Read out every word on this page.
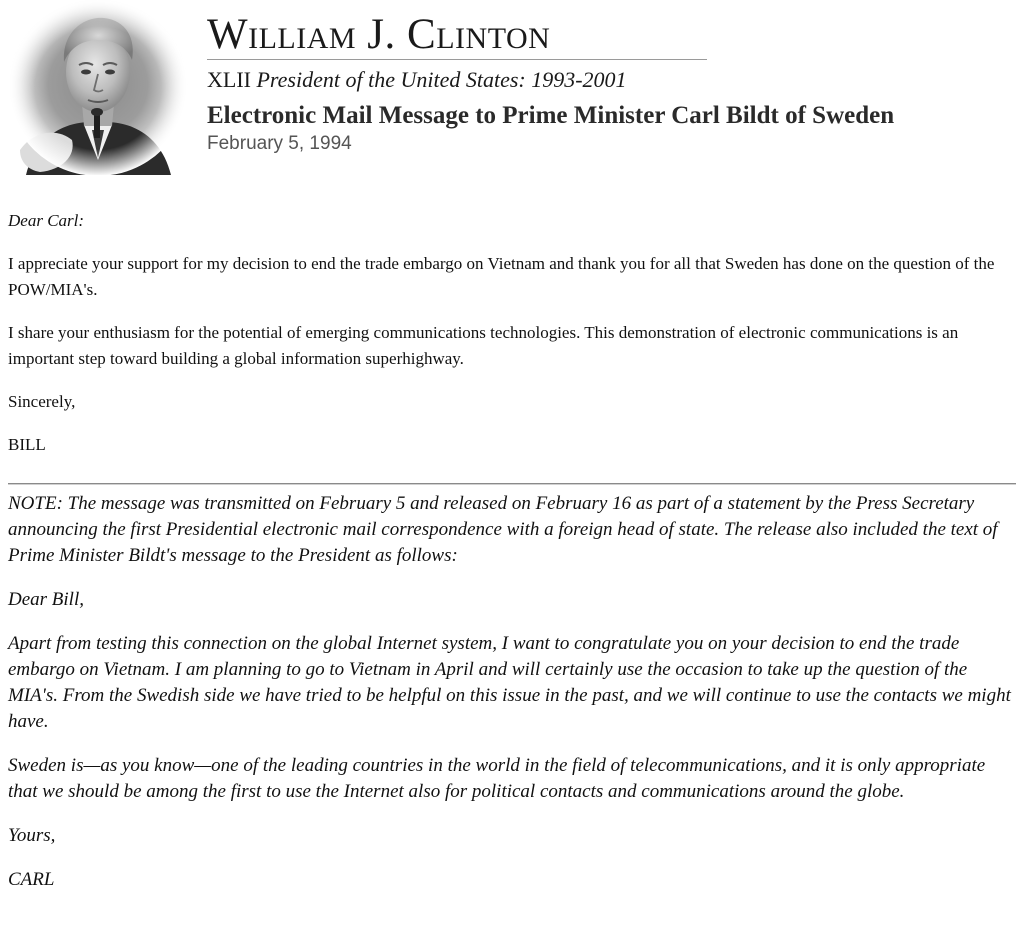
William J. Clinton
XLII President of the United States: 1993-2001
Electronic Mail Message to Prime Minister Carl Bildt of Sweden
February 5, 1994

Dear Carl:

I appreciate your support for my decision to end the trade embargo on Vietnam and thank you for all that Sweden has done on the question of the POW/MIA's.

I share your enthusiasm for the potential of emerging communications technologies. This demonstration of electronic communications is an important step toward building a global information superhighway.

Sincerely,

BILL

NOTE: The message was transmitted on February 5 and released on February 16 as part of a statement by the Press Secretary announcing the first Presidential electronic mail correspondence with a foreign head of state. The release also included the text of Prime Minister Bildt's message to the President as follows:

Dear Bill,

Apart from testing this connection on the global Internet system, I want to congratulate you on your decision to end the trade embargo on Vietnam. I am planning to go to Vietnam in April and will certainly use the occasion to take up the question of the MIA's. From the Swedish side we have tried to be helpful on this issue in the past, and we will continue to use the contacts we might have.

Sweden is—as you know—one of the leading countries in the world in the field of telecommunications, and it is only appropriate that we should be among the first to use the Internet also for political contacts and communications around the globe.

Yours,

CARL
